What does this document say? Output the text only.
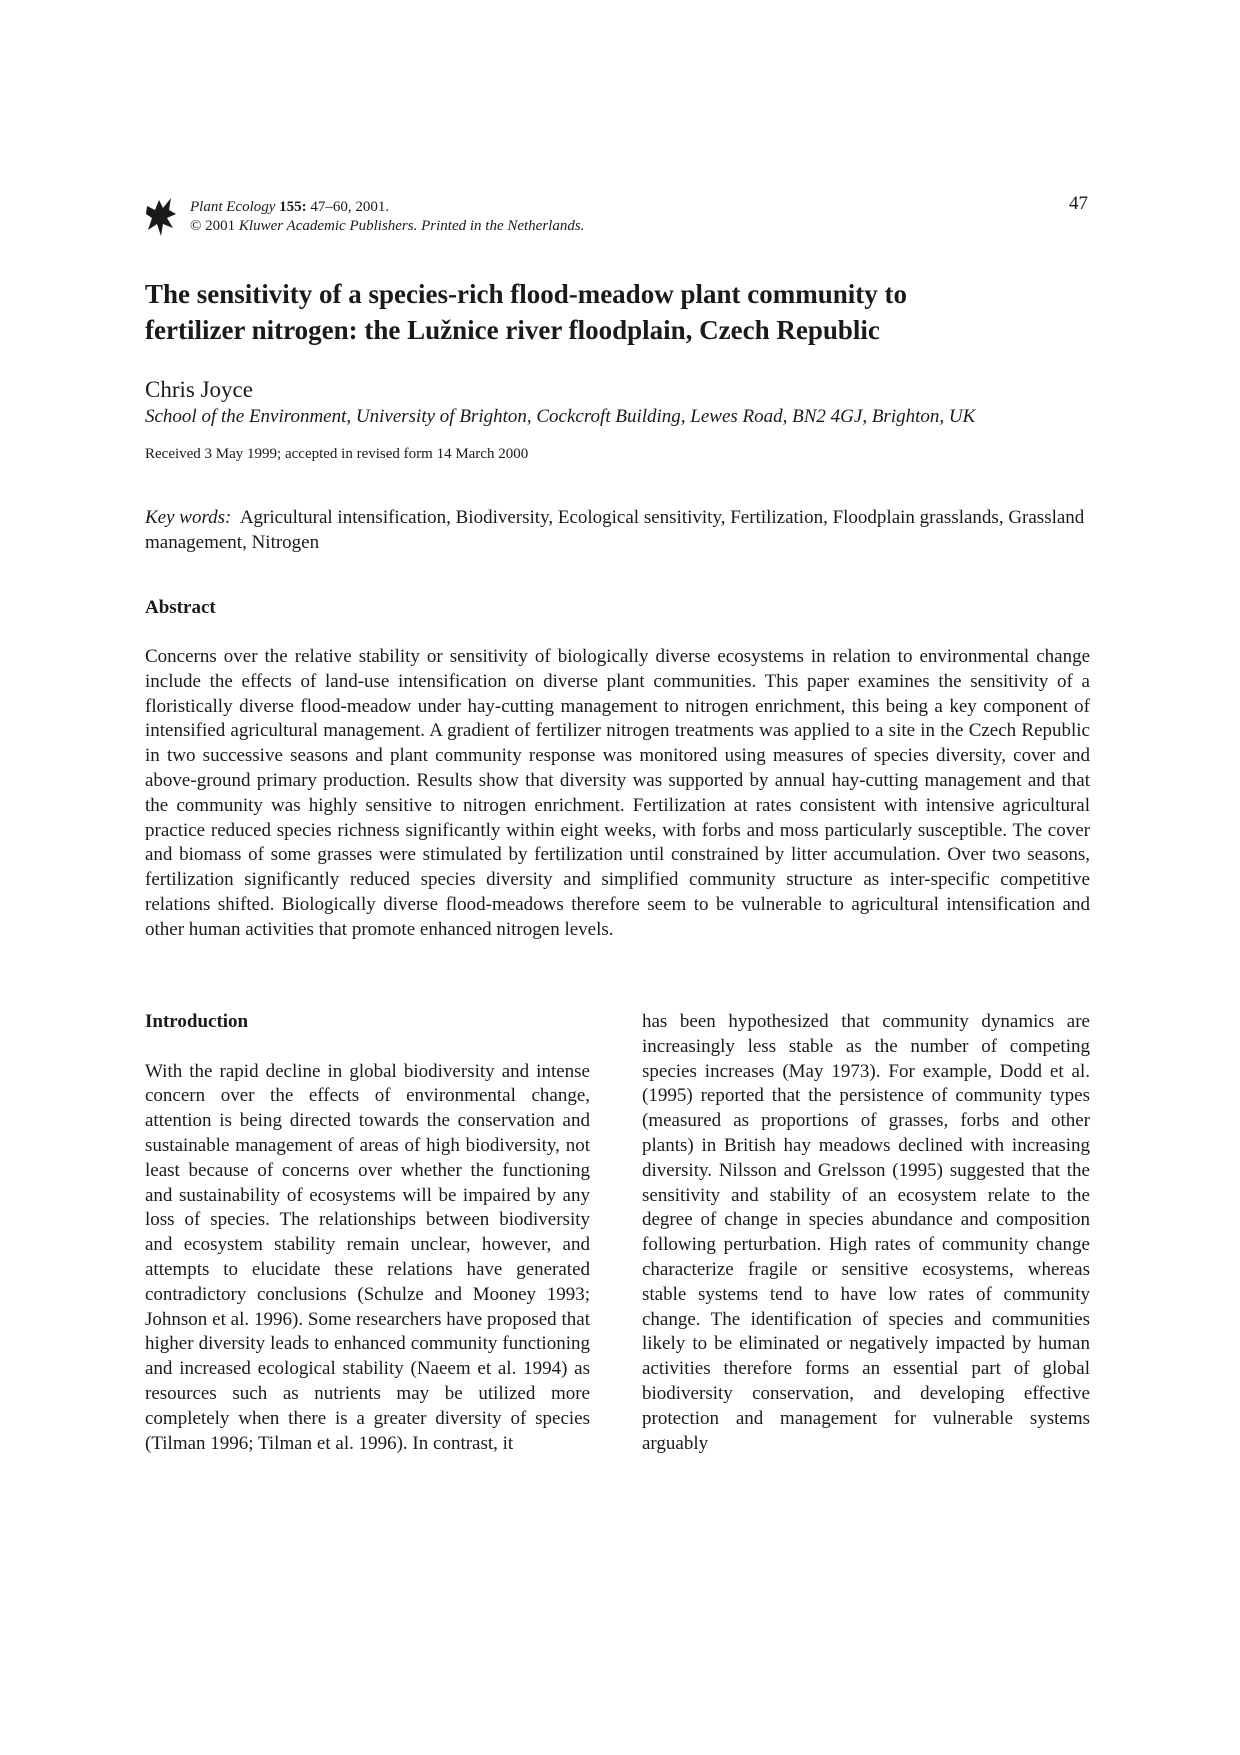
Plant Ecology 155: 47–60, 2001.
© 2001 Kluwer Academic Publishers. Printed in the Netherlands.
47
The sensitivity of a species-rich flood-meadow plant community to
fertilizer nitrogen: the Lužnice river floodplain, Czech Republic
Chris Joyce
School of the Environment, University of Brighton, Cockcroft Building, Lewes Road, BN2 4GJ, Brighton, UK
Received 3 May 1999; accepted in revised form 14 March 2000
Key words: Agricultural intensification, Biodiversity, Ecological sensitivity, Fertilization, Floodplain grasslands, Grassland management, Nitrogen
Abstract

Concerns over the relative stability or sensitivity of biologically diverse ecosystems in relation to environmental change include the effects of land-use intensification on diverse plant communities. This paper examines the sensitivity of a floristically diverse flood-meadow under hay-cutting management to nitrogen enrichment, this being a key component of intensified agricultural management. A gradient of fertilizer nitrogen treatments was applied to a site in the Czech Republic in two successive seasons and plant community response was monitored using measures of species diversity, cover and above-ground primary production. Results show that diversity was supported by annual hay-cutting management and that the community was highly sensitive to nitrogen enrichment. Fertilization at rates consistent with intensive agricultural practice reduced species richness significantly within eight weeks, with forbs and moss particularly susceptible. The cover and biomass of some grasses were stimulated by fertilization until constrained by litter accumulation. Over two seasons, fertilization significantly reduced species diversity and simplified community structure as inter-specific competitive relations shifted. Biologically diverse flood-meadows therefore seem to be vulnerable to agricultural intensification and other human activities that promote enhanced nitrogen levels.

Introduction

With the rapid decline in global biodiversity and intense concern over the effects of environmental change, attention is being directed towards the conservation and sustainable management of areas of high biodiversity, not least because of concerns over whether the functioning and sustainability of ecosystems will be impaired by any loss of species. The relationships between biodiversity and ecosystem stability remain unclear, however, and attempts to elucidate these relations have generated contradictory conclusions (Schulze and Mooney 1993; Johnson et al. 1996). Some researchers have proposed that higher diversity leads to enhanced community functioning and increased ecological stability (Naeem et al. 1994) as resources such as nutrients may be utilized more completely when there is a greater diversity of species (Tilman 1996; Tilman et al. 1996). In contrast, it

has been hypothesized that community dynamics are increasingly less stable as the number of competing species increases (May 1973). For example, Dodd et al. (1995) reported that the persistence of community types (measured as proportions of grasses, forbs and other plants) in British hay meadows declined with increasing diversity. Nilsson and Grelsson (1995) suggested that the sensitivity and stability of an ecosystem relate to the degree of change in species abundance and composition following perturbation. High rates of community change characterize fragile or sensitive ecosystems, whereas stable systems tend to have low rates of community change. The identification of species and communities likely to be eliminated or negatively impacted by human activities therefore forms an essential part of global biodiversity conservation, and developing effective protection and management for vulnerable systems arguably
